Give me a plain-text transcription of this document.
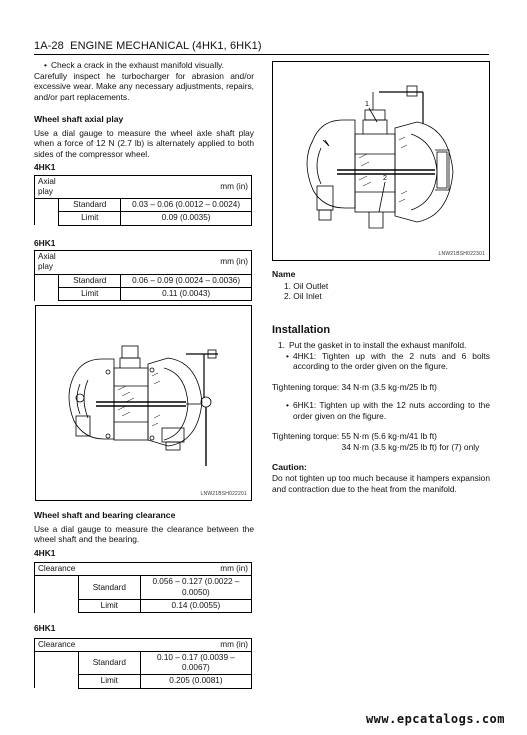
1A-28 ENGINE MECHANICAL (4HK1, 6HK1)
• Check a crack in the exhaust manifold visually.
Carefully inspect he turbocharger for abrasion and/or excessive wear. Make any necessary adjustments, repairs, and/or part replacements.
Wheel shaft axial play
Use a dial gauge to measure the wheel axle shaft play when a force of 12 N (2.7 lb) is alternately applied to both sides of the compressor wheel.
4HK1
Axial play	mm (in)	
	Standard	0.03 – 0.06 (0.0012 – 0.0024)
	Limit	0.09 (0.0035)
6HK1
Axial play	mm (in)	
	Standard	0.06 – 0.09 (0.0024 – 0.0036)
	Limit	0.11 (0.0043)
LNW21BSH022201
Wheel shaft and bearing clearance
Use a dial gauge to measure the clearance between the wheel shaft and the bearing.
4HK1
Clearance	mm (in)	
	Standard	0.056 – 0.127 (0.0022 – 0.0050)
	Limit	0.14 (0.0055)
6HK1
Clearance	mm (in)	
	Standard	0.10 – 0.17 (0.0039 – 0.0067)
	Limit	0.205 (0.0081)
1
2
LNW21BSH022301
Name
1. Oil Outlet
2. Oil Inlet
Installation
1. Put the gasket in to install the exhaust manifold.
• 4HK1: Tighten up with the 2 nuts and 6 bolts according to the order given on the figure.
Tightening torque:
34 N·m (3.5 kg·m/25 lb ft)
• 6HK1: Tighten up with the 12 nuts according to the order given on the figure.
Tightening torque:
55 N·m (5.6 kg·m/41 lb ft)
34 N·m (3.5 kg·m/25 lb ft) for (7) only
Caution:
Do not tighten up too much because it hampers expansion and contraction due to the heat from the manifold.
www.epcatalogs.com
